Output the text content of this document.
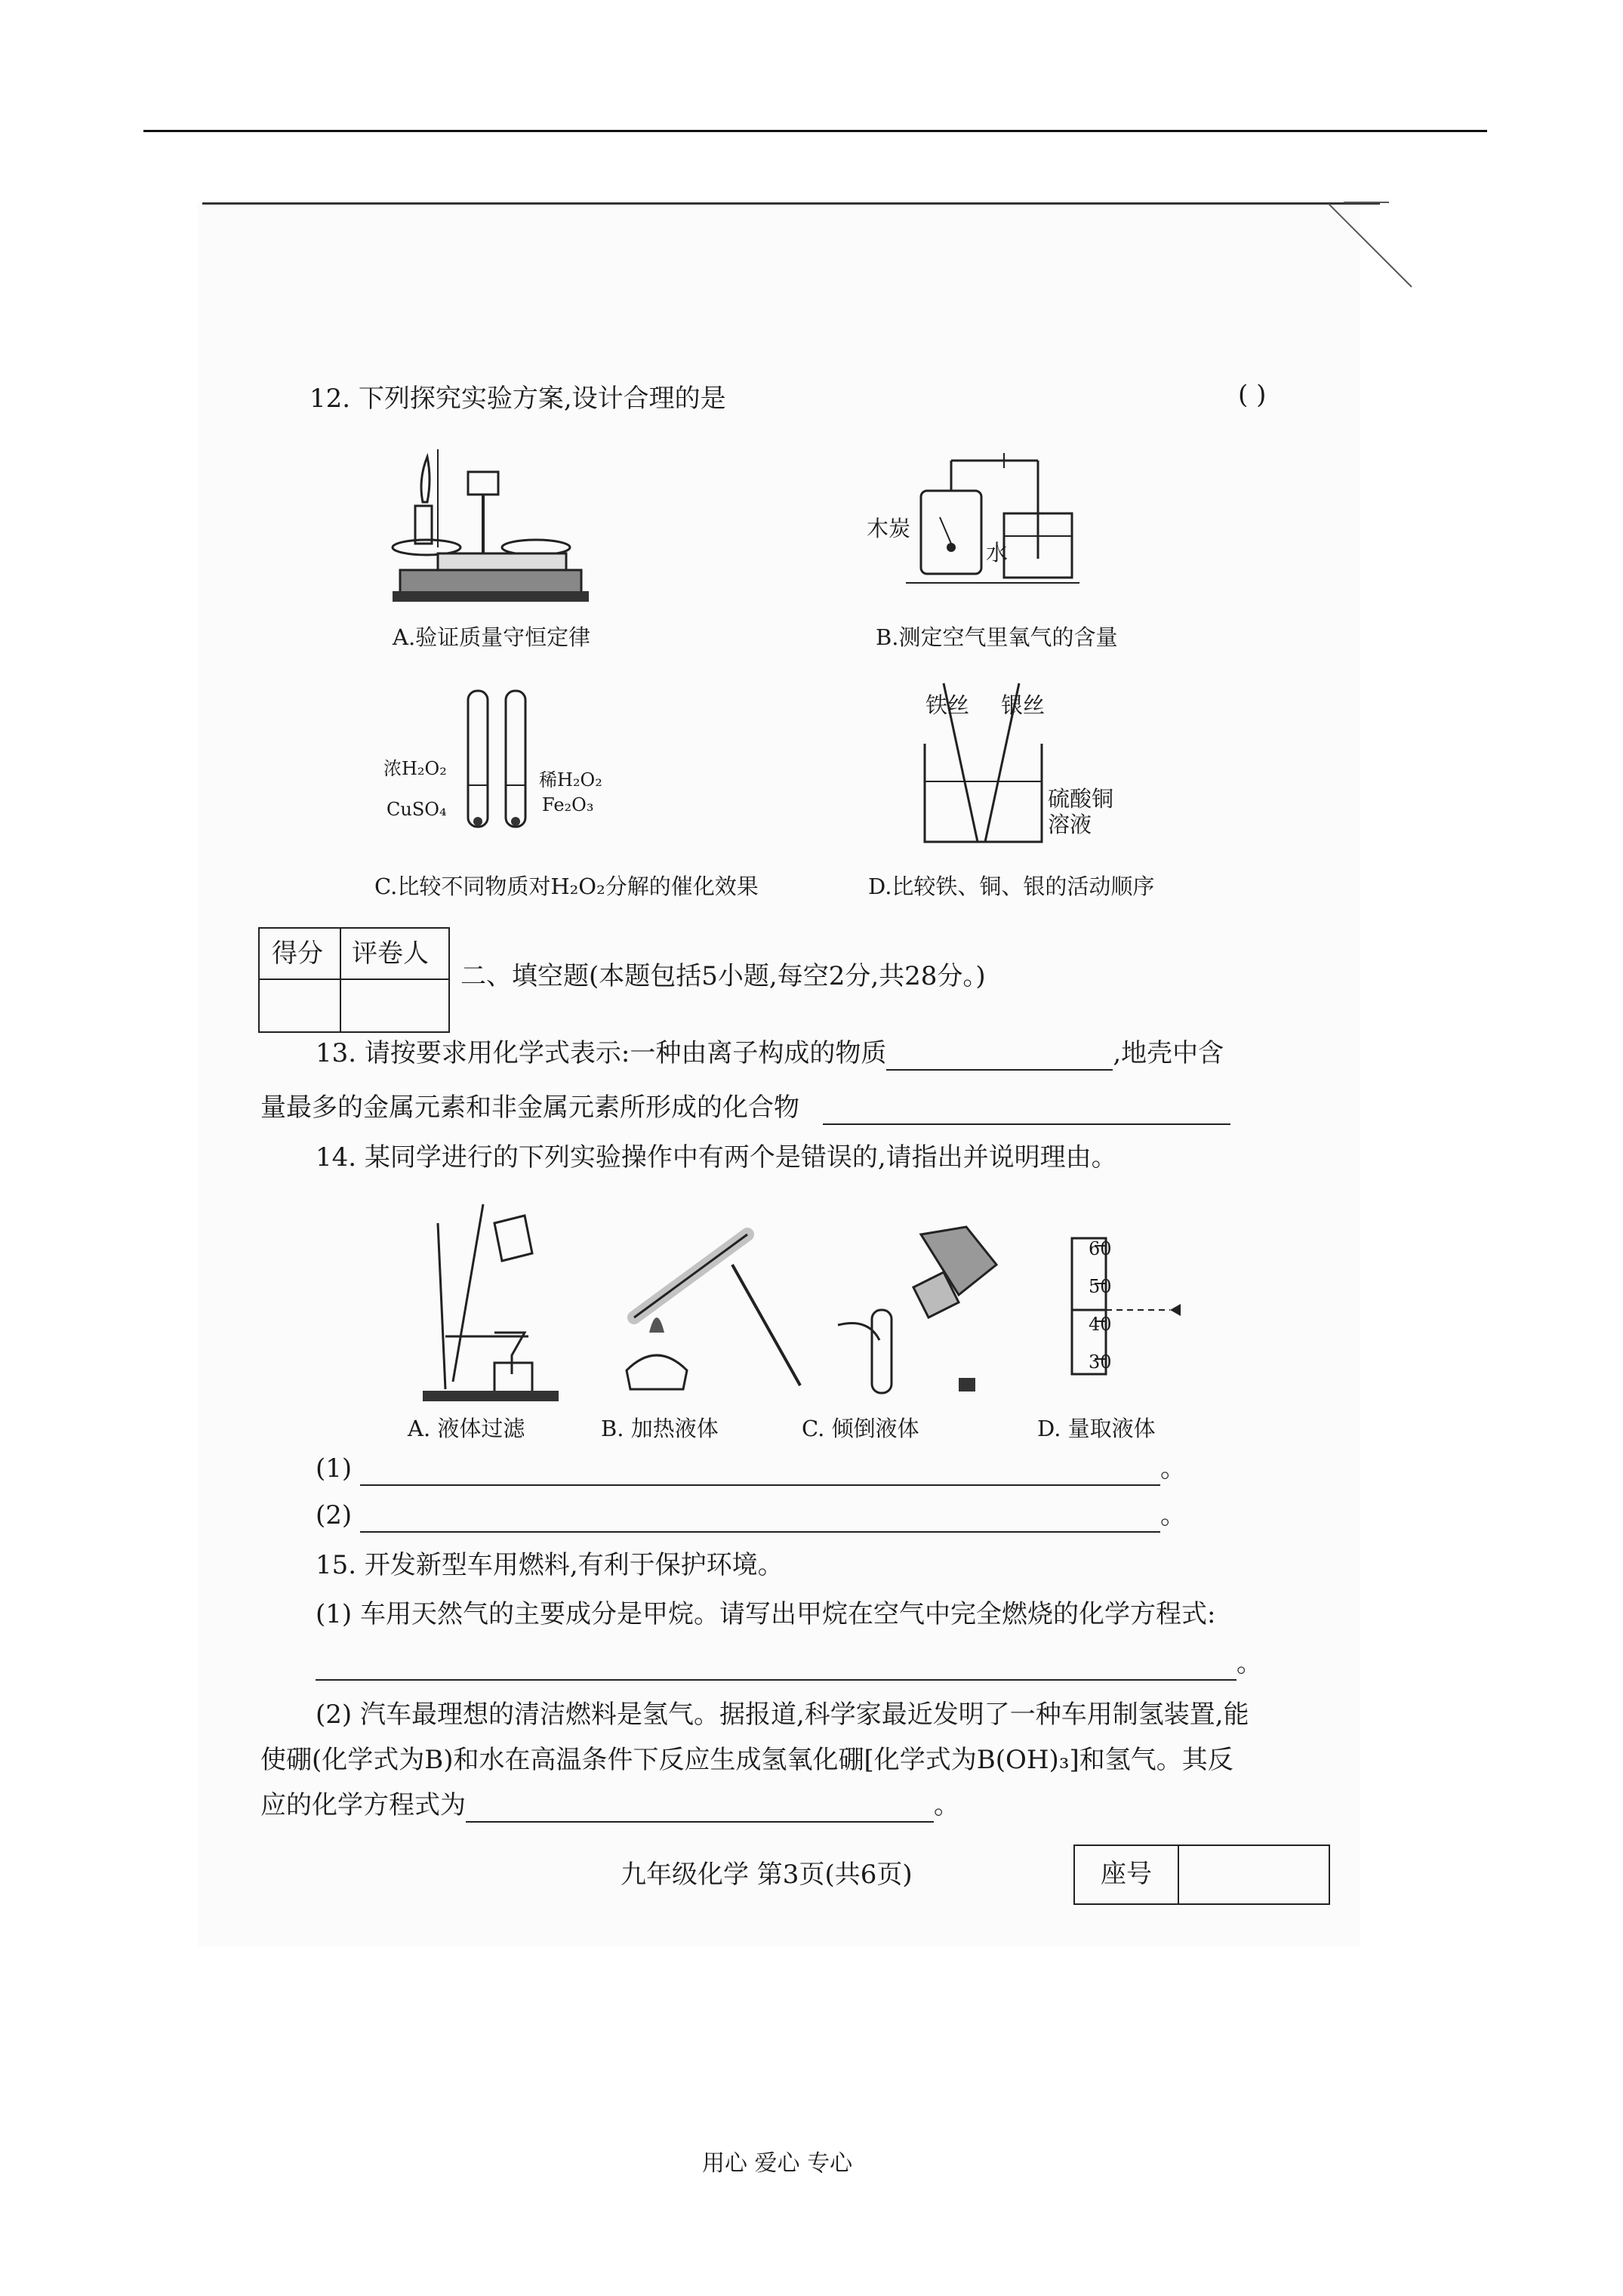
12. 下列探究实验方案,设计合理的是	( )
A.验证质量守恒定律
木炭
水
B.测定空气里氧气的含量
浓H₂O₂
稀H₂O₂
CuSO₄	Fe₂O₃
C.比较不同物质对H₂O₂分解的催化效果
铁丝 银丝
硫酸铜
溶液
D.比较铁、铜、银的活动顺序
得分 评卷人
二、填空题(本题包括5小题,每空2分,共28分。)
13. 请按要求用化学式表示:一种由离子构成的物质	,地壳中含
量最多的金属元素和非金属元素所形成的化合物
14. 某同学进行的下列实验操作中有两个是错误的,请指出并说明理由。
A. 液体过滤	B. 加热液体	C. 倾倒液体
60
50
40
30
D. 量取液体
(1)	。
(2)	。
15. 开发新型车用燃料,有利于保护环境。
(1) 车用天然气的主要成分是甲烷。请写出甲烷在空气中完全燃烧的化学方程式:
。
(2) 汽车最理想的清洁燃料是氢气。据报道,科学家最近发明了一种车用制氢装置,能
使硼(化学式为B)和水在高温条件下反应生成氢氧化硼[化学式为B(OH)₃]和氢气。其反
应的化学方程式为	。
九年级化学 第3页(共6页)	座号
用心 爱心 专心
